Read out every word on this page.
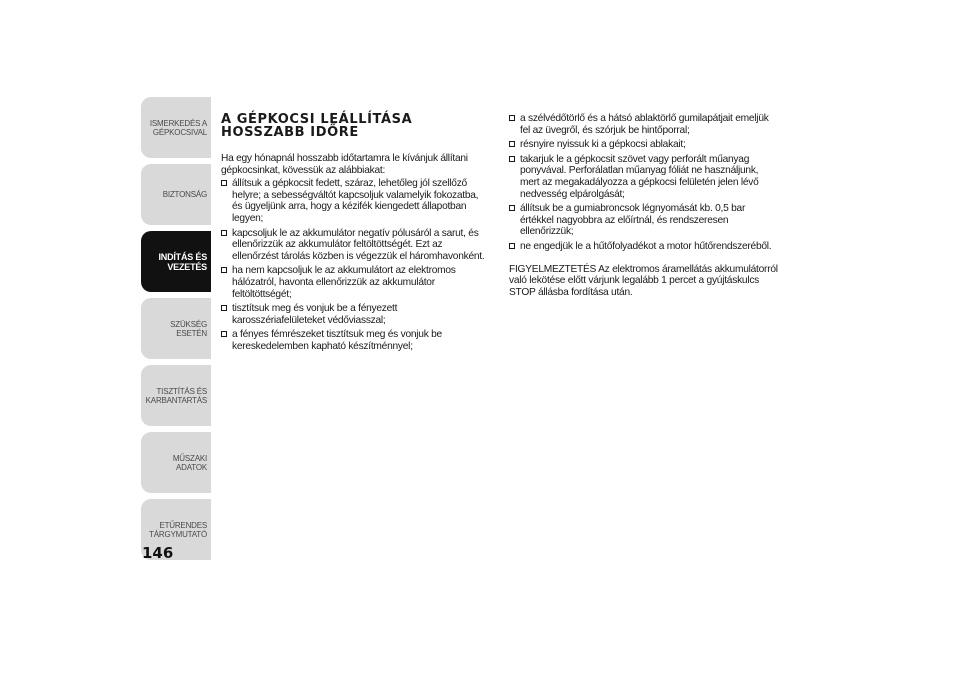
ISMERKEDÉS A
GÉPKOCSIVAL
BIZTONSÁG
INDÍTÁS ÉS
VEZETÉS
SZÜKSÉG ESETÉN
TISZTÍTÁS ÉS
KARBANTARTÁS
MŰSZAKI ADATOK
ETŰRENDES
TÁRGYMUTATÓ
146
A GÉPKOCSI LEÁLLÍTÁSA
HOSSZABB IDŐRE

Ha egy hónapnál hosszabb időtartamra le kívánjuk állítani gépkocsinkat, kövessük az alábbiakat:

állítsuk a gépkocsit fedett, száraz, lehetőleg jól szellőző helyre; a sebességváltót kapcsoljuk valamelyik fokozatba, és ügyeljünk arra, hogy a kézifék kiengedett állapotban legyen;
kapcsoljuk le az akkumulátor negatív pólusáról a sarut, és ellenőrizzük az akkumulátor feltöltöttségét. Ezt az ellenőrzést tárolás közben is végezzük el háromhavonként.
ha nem kapcsoljuk le az akkumulátort az elektromos hálózatról, havonta ellenőrizzük az akkumulátor feltöltöttségét;
tisztítsuk meg és vonjuk be a fényezett karosszériafelületeket védőviasszal;
a fényes fémrészeket tisztítsuk meg és vonjuk be kereskedelemben kapható készítménnyel;
a szélvédőtörlő és a hátsó ablaktörlő gumilapátjait emeljük fel az üvegről, és szórjuk be hintőporral;
résnyire nyissuk ki a gépkocsi ablakait;
takarjuk le a gépkocsit szövet vagy perforált műanyag ponyvával. Perforálatlan műanyag fóliát ne használjunk, mert az megakadályozza a gépkocsi felületén jelen lévő nedvesség elpárolgását;
állítsuk be a gumiabroncsok légnyomását kb. 0,5 bar értékkel nagyobbra az előírtnál, és rendszeresen ellenőrizzük;
ne engedjük le a hűtőfolyadékot a motor hűtőrendszeréből.

FIGYELMEZTETÉS Az elektromos áramellátás akkumulátorról való lekötése előtt várjunk legalább 1 percet a gyújtáskulcs STOP állásba fordítása után.
